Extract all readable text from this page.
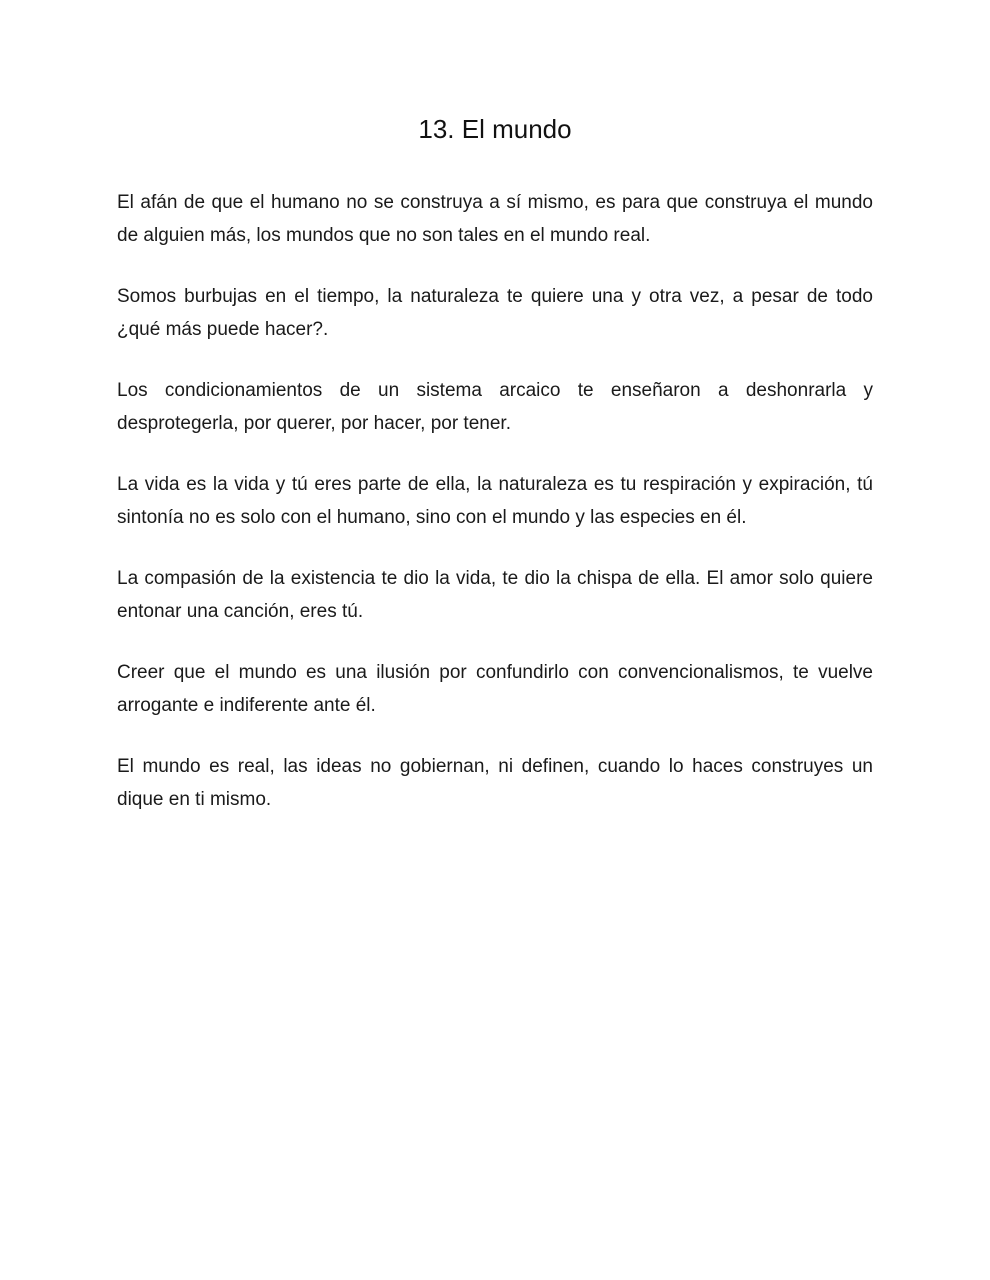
13. El mundo

El afán de que el humano no se construya a sí mismo, es para que construya el mundo de alguien más, los mundos que no son tales en el mundo real.

Somos burbujas en el tiempo, la naturaleza te quiere una y otra vez, a pesar de todo ¿qué más puede hacer?.

Los condicionamientos de un sistema arcaico te enseñaron a deshonrarla y desprotegerla, por querer, por hacer, por tener.

La vida es la vida y tú eres parte de ella, la naturaleza es tu respiración y expiración, tú sintonía no es solo con el humano, sino con el mundo y las especies en él.

La compasión de la existencia te dio la vida, te dio la chispa de ella. El amor solo quiere entonar una canción, eres tú.

Creer que el mundo es una ilusión por confundirlo con convencionalismos, te vuelve arrogante e indiferente ante él.

El mundo es real, las ideas no gobiernan, ni definen, cuando lo haces construyes un dique en ti mismo.
